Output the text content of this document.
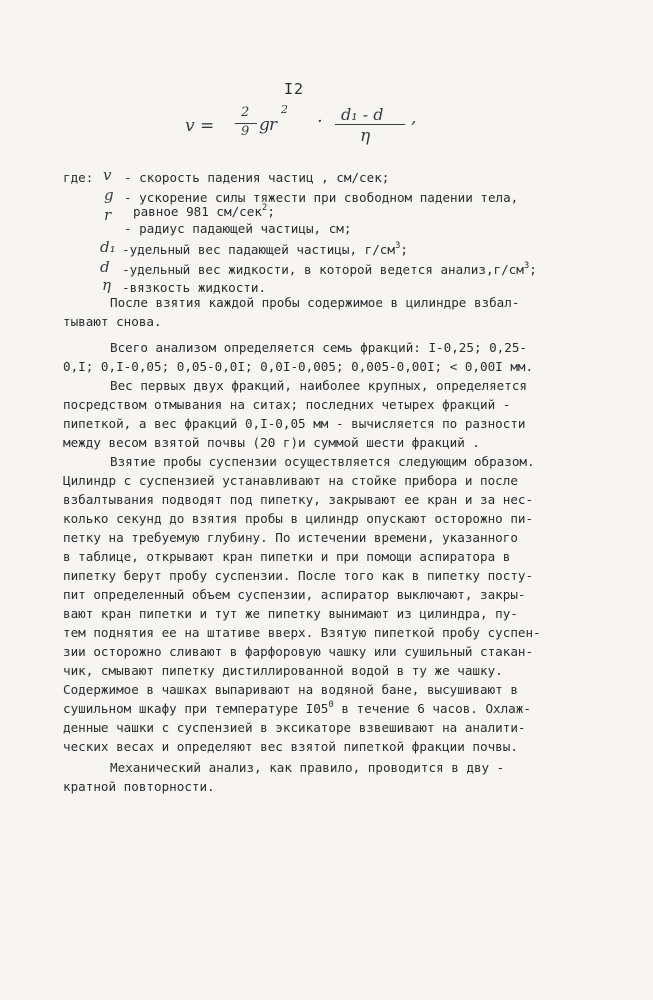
I2
v =
2
9 g r
2
· d₁ - d
η
,
где: v - скорость падения частиц , см/сек;
g - ускорение силы тяжести при свободном падении тела,
равное 981 см/сек$^2$;
r
- радиус падающей частицы, см;
d₁ -удельный вес падающей частицы, $г/см^3$;
d -удельный вес жидкости, в которой ведется $анализ,г/см^3$;
η -вязкость жидкости.
После взятия каждой пробы содержимое в цилиндре взбал-
тывают снова.
Всего анализом определяется семь фракций: I-0,25; 0,25-
0,I; 0,I-0,05; 0,05-0,0I; 0,0I-0,005; 0,005-0,00I; < 0,00I мм.
Вес первых двух фракций, наиболее крупных, определяется
посредством отмывания на ситах; последних четырех фракций -
пипеткой, а вес фракций 0,I-0,05 мм - вычисляется по разности
между весом взятой почвы (20 г)и суммой шести фракций .
Взятие пробы суспензии осуществляется следующим образом.
Цилиндр с суспензией устанавливают на стойке прибора и после
взбалтывания подводят под пипетку, закрывают ее кран и за нес-
колько секунд до взятия пробы в цилиндр опускают осторожно пи-
петку на требуемую глубину. По истечении времени, указанного
в таблице, открывают кран пипетки и при помощи аспиратора в
пипетку берут пробу суспензии. После того как в пипетку посту-
пит определенный объем суспензии, аспиратор выключают, закры-
вают кран пипетки и тут же пипетку вынимают из цилиндра, пу-
тем поднятия ее на штативе вверх. Взятую пипеткой пробу суспен-
зии осторожно сливают в фарфоровую чашку или сушильный стакан-
чик, смывают пипетку дистиллированной водой в ту же чашку.
Содержимое в чашках выпаривают на водяной бане, высушивают в
сушильном шкафу при температуре $I05^0$ в течение 6 часов. Охлаж-
денные чашки с суспензией в эксикаторе взвешивают на аналити-
ческих весах и определяют вес взятой пипеткой фракции почвы.
Механический анализ, как правило, проводится в дву -
кратной повторности.
